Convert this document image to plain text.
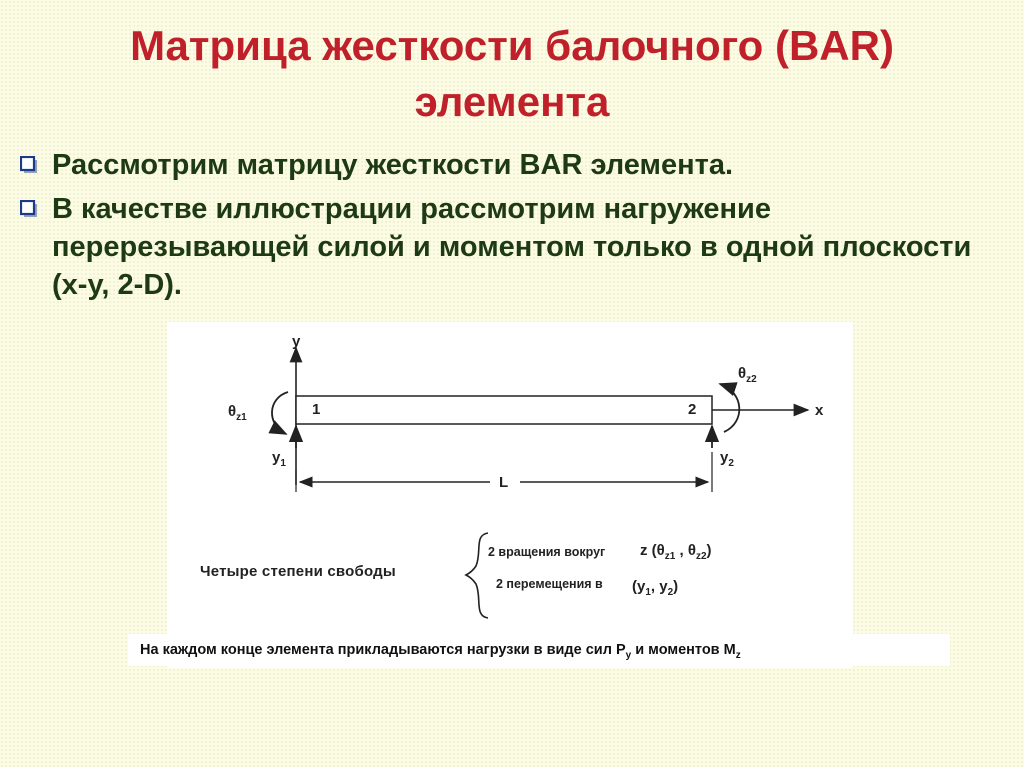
Матрица жесткости балочного (BAR)
элемента
Рассмотрим матрицу жесткости BAR элемента.
В качестве иллюстрации рассмотрим нагружение перерезывающей силой и моментом только в одной плоскости (x-y, 2-D).
y
x
1	2
$\theta_{z1}$
$\theta_{z2}$
$y_1$	$y_2$
L
Четыре степени свободы
2 вращения вокруг z ($\theta_{z1}$ , $\theta_{z2}$)
2 перемещения в ($y_1$, $y_2$)
На каждом конце элемента прикладываются нагрузки в виде сил $P_y$ и моментов $M_z$
